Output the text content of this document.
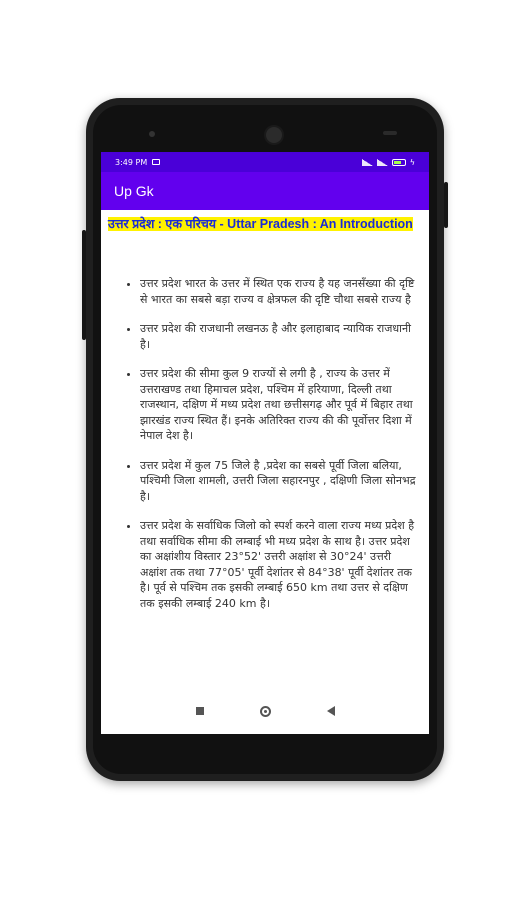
3:49 PM	ϟ
Up Gk
उत्तर प्रदेश : एक परिचय - Uttar Pradesh : An Introduction
• उत्तर प्रदेश भारत के उत्तर में स्थित एक राज्य है यह जनसँख्या की दृष्टि से भारत का सबसे बड़ा राज्य व क्षेत्रफल की दृष्टि चौथा सबसे राज्य है
• उत्तर प्रदेश की राजधानी लखनऊ है और इलाहाबाद न्यायिक राजधानी है।
• उत्तर प्रदेश की सीमा कुल 9 राज्यों से लगी है , राज्य के उत्तर में उत्तराखण्ड तथा हिमाचल प्रदेश, पश्चिम में हरियाणा, दिल्ली तथा राजस्थान, दक्षिण में मध्य प्रदेश तथा छत्तीसगढ़ और पूर्व में बिहार तथा झारखंड राज्य स्थित हैं। इनके अतिरिक्त राज्य की की पूर्वोत्तर दिशा में नेपाल देश है।
• उत्तर प्रदेश में कुल 75 जिले है ,प्रदेश का सबसे पूर्वी जिला बलिया, पश्चिमी जिला शामली, उत्तरी जिला सहारनपुर , दक्षिणी जिला सोनभद्र है।
• उत्तर प्रदेश के सर्वाधिक जिलो को स्पर्श करने वाला राज्य मध्य प्रदेश है तथा सर्वाधिक सीमा की लम्बाई भी मध्य प्रदेश के साथ है। उत्तर प्रदेश का अक्षांशीय विस्तार 23°52' उत्तरी अक्षांश से 30°24' उत्तरी अक्षांश तक तथा 77°05' पूर्वी देशांतर से 84°38' पूर्वी देशांतर तक है। पूर्व से पश्चिम तक इसकी लम्बाई 650 km तथा उत्तर से दक्षिण तक इसकी लम्बाई 240 km है।
